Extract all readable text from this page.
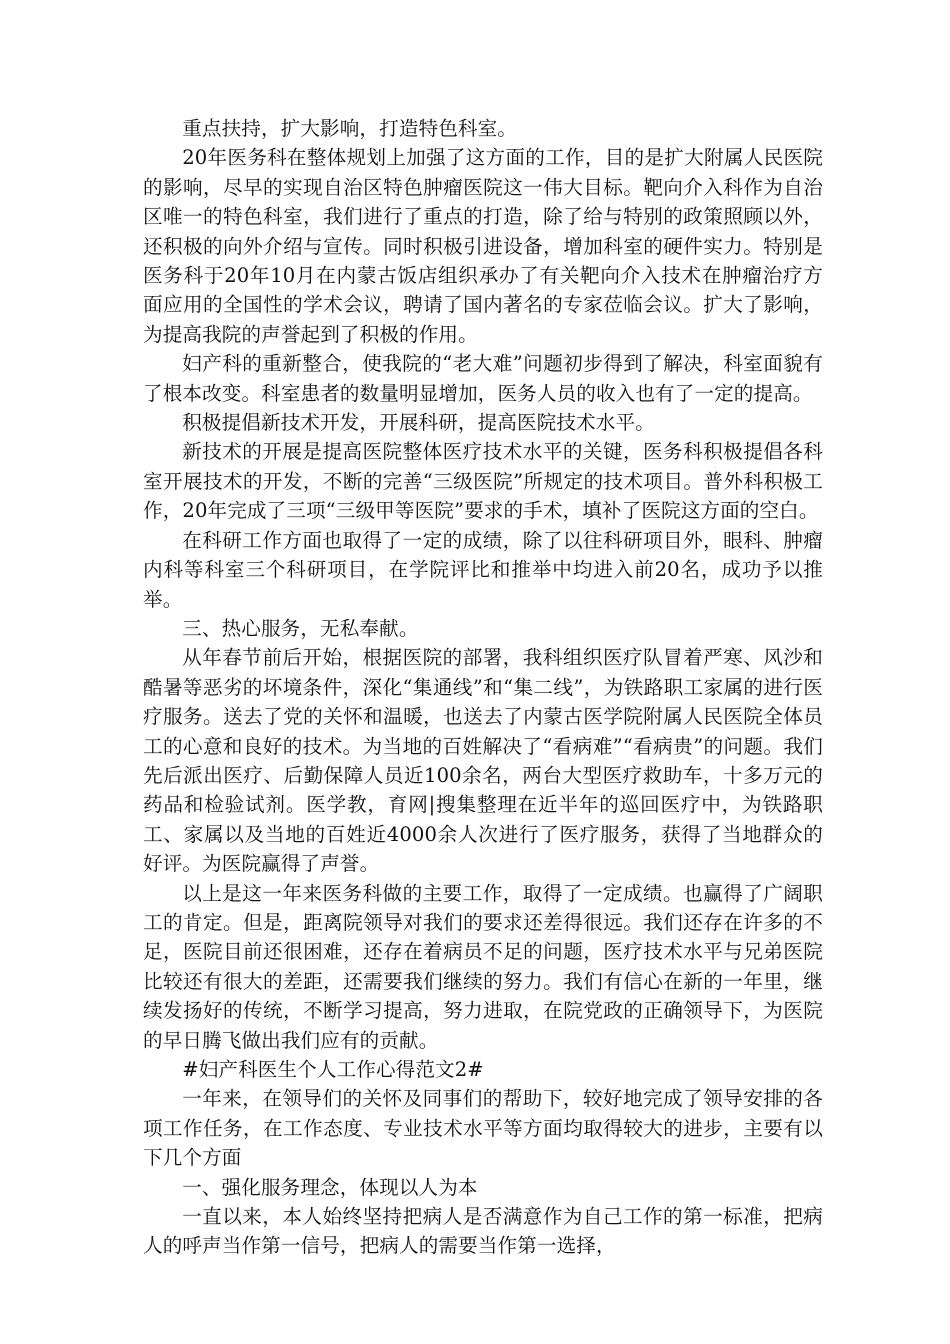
重点扶持，扩大影响，打造特色科室。

20年医务科在整体规划上加强了这方面的工作，目的是扩大附属人民医院的影响，尽早的实现自治区特色肿瘤医院这一伟大目标。靶向介入科作为自治区唯一的特色科室，我们进行了重点的打造，除了给与特别的政策照顾以外，还积极的向外介绍与宣传。同时积极引进设备，增加科室的硬件实力。特别是医务科于20年10月在内蒙古饭店组织承办了有关靶向介入技术在肿瘤治疗方面应用的全国性的学术会议，聘请了国内著名的专家莅临会议。扩大了影响，为提高我院的声誉起到了积极的作用。

妇产科的重新整合，使我院的“老大难”问题初步得到了解决，科室面貌有了根本改变。科室患者的数量明显增加，医务人员的收入也有了一定的提高。

积极提倡新技术开发，开展科研，提高医院技术水平。

新技术的开展是提高医院整体医疗技术水平的关键，医务科积极提倡各科室开展技术的开发，不断的完善“三级医院”所规定的技术项目。普外科积极工作，20年完成了三项“三级甲等医院”要求的手术，填补了医院这方面的空白。

在科研工作方面也取得了一定的成绩，除了以往科研项目外，眼科、肿瘤内科等科室三个科研项目，在学院评比和推举中均进入前20名，成功予以推举。

三、热心服务，无私奉献。

从年春节前后开始，根据医院的部署，我科组织医疗队冒着严寒、风沙和酷暑等恶劣的坏境条件，深化“集通线”和“集二线”，为铁路职工家属的进行医疗服务。送去了党的关怀和温暖，也送去了内蒙古医学院附属人民医院全体员工的心意和良好的技术。为当地的百姓解决了“看病难”“看病贵”的问题。我们先后派出医疗、后勤保障人员近100余名，两台大型医疗救助车，十多万元的药品和检验试剂。医学教，育网|搜集整理在近半年的巡回医疗中，为铁路职工、家属以及当地的百姓近4000余人次进行了医疗服务，获得了当地群众的好评。为医院赢得了声誉。

以上是这一年来医务科做的主要工作，取得了一定成绩。也赢得了广阔职工的肯定。但是，距离院领导对我们的要求还差得很远。我们还存在许多的不足，医院目前还很困难，还存在着病员不足的问题，医疗技术水平与兄弟医院比较还有很大的差距，还需要我们继续的努力。我们有信心在新的一年里，继续发扬好的传统，不断学习提高，努力进取，在院党政的正确领导下，为医院的早日腾飞做出我们应有的贡献。

#妇产科医生个人工作心得范文2#

一年来，在领导们的关怀及同事们的帮助下，较好地完成了领导安排的各项工作任务，在工作态度、专业技术水平等方面均取得较大的进步，主要有以下几个方面

一、强化服务理念，体现以人为本

一直以来，本人始终坚持把病人是否满意作为自己工作的第一标准，把病人的呼声当作第一信号，把病人的需要当作第一选择，
